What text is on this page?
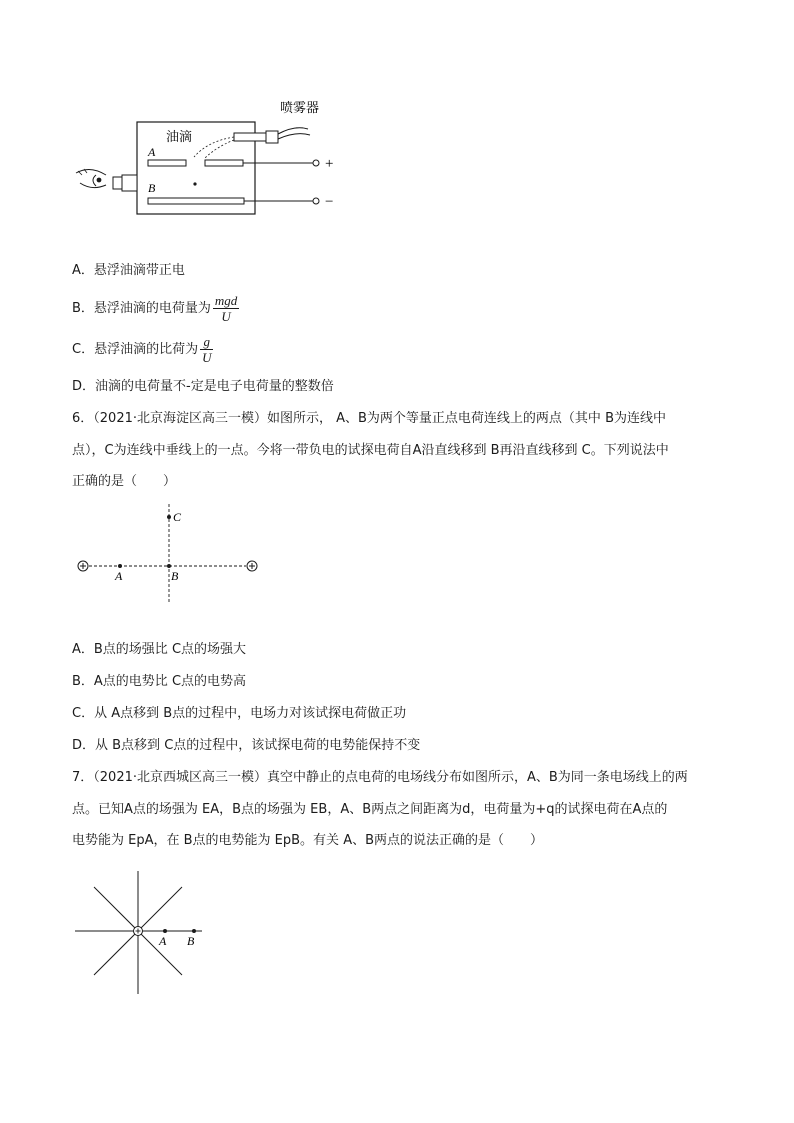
喷雾器
油滴
A
B
+
−
A．悬浮油滴带正电
B．悬浮油滴的电荷量为 $\frac{\text{mgd}}{U}$
C．悬浮油滴的比荷为 $\frac{g}{U}$
D．油滴的电荷量不-定是电子电荷量的整数倍
6．（2021·北京海淀区高三一模）如图所示， A、B为两个等量正点电荷连线上的两点（其中 B为连线中
点），C为连线中垂线上的一点。今将一带负电的试探电荷自A沿直线移到 B再沿直线移到 C。下列说法中
正确的是（　　）
A	B
C
A．B点的场强比 C点的场强大
B．A点的电势比 C点的电势高
C．从 A点移到 B点的过程中，电场力对该试探电荷做正功
D．从 B点移到 C点的过程中，该试探电荷的电势能保持不变
7．（2021·北京西城区高三一模）真空中静止的点电荷的电场线分布如图所示，A、B为同一条电场线上的两
点。已知A点的场强为 EA，B点的场强为 EB，A、B两点之间距离为d，电荷量为+q的试探电荷在A点的
电势能为 EpA，在 B点的电势能为 EpB。有关 A、B两点的说法正确的是（　　）
A B
